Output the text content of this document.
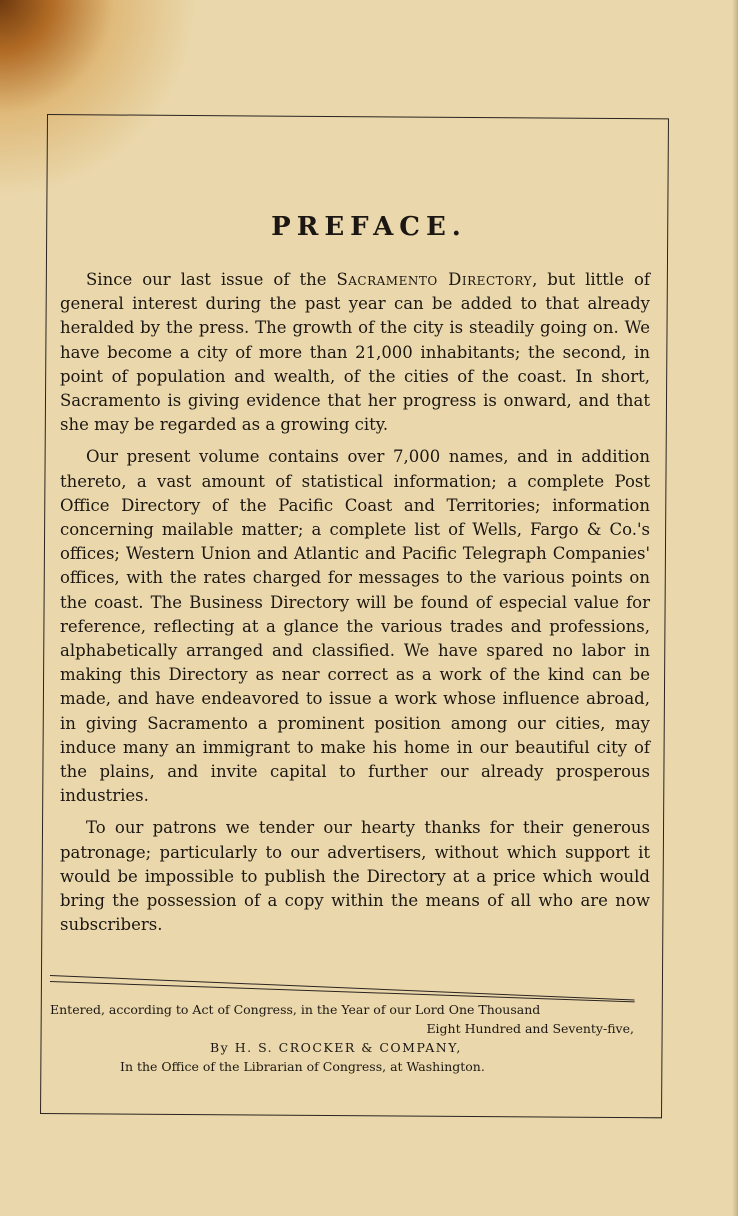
PREFACE.

Since our last issue of the Sacramento Directory, but little of general interest during the past year can be added to that already heralded by the press. The growth of the city is steadily going on. We have become a city of more than 21,000 inhabitants; the second, in point of population and wealth, of the cities of the coast. In short, Sacramento is giving evidence that her progress is onward, and that she may be regarded as a growing city.

Our present volume contains over 7,000 names, and in addition thereto, a vast amount of statistical information; a complete Post Office Directory of the Pacific Coast and Territories; information concerning mailable matter; a complete list of Wells, Fargo & Co.'s offices; Western Union and Atlantic and Pacific Telegraph Companies' offices, with the rates charged for messages to the various points on the coast. The Business Directory will be found of especial value for reference, reflecting at a glance the various trades and professions, alphabetically arranged and classified. We have spared no labor in making this Directory as near correct as a work of the kind can be made, and have endeavored to issue a work whose influence abroad, in giving Sacramento a prominent position among our cities, may induce many an immigrant to make his home in our beautiful city of the plains, and invite capital to further our already prosperous industries.

To our patrons we tender our hearty thanks for their generous patronage; particularly to our advertisers, without which support it would be impossible to publish the Directory at a price which would bring the possession of a copy within the means of all who are now subscribers.

Entered, according to Act of Congress, in the Year of our Lord One Thousand
Eight Hundred and Seventy-five,
By H. S. CROCKER & COMPANY,
In the Office of the Librarian of Congress, at Washington.
